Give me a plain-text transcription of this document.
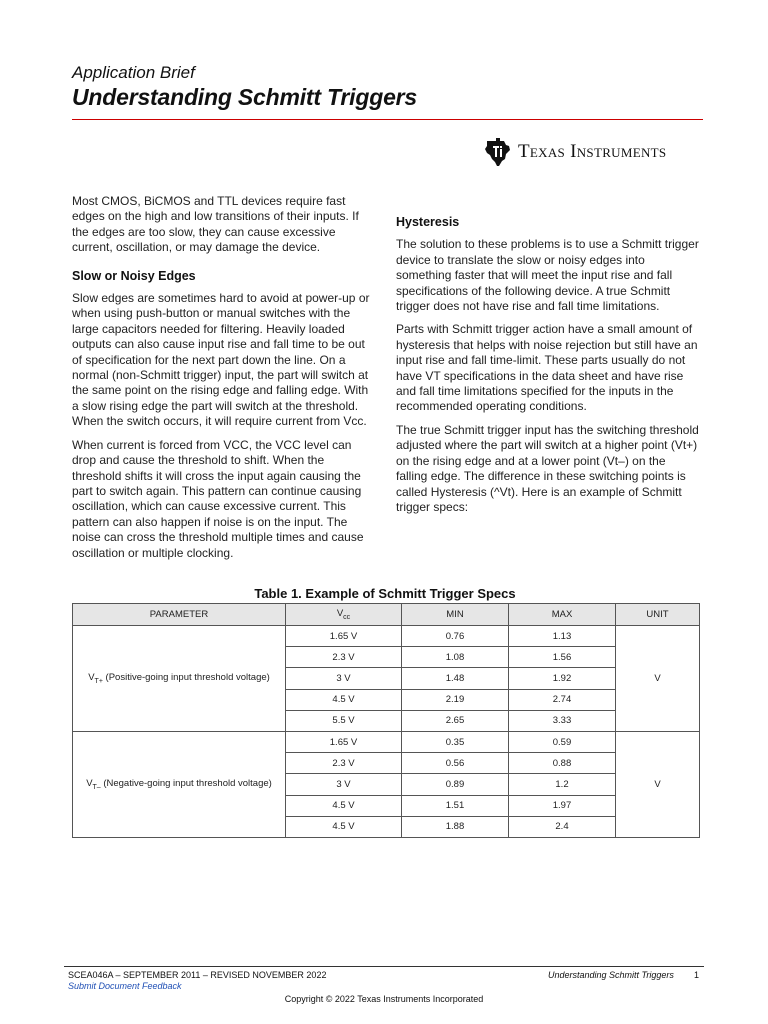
Application Brief
Understanding Schmitt Triggers
Texas Instruments

Most CMOS, BiCMOS and TTL devices require fast edges on the high and low transitions of their inputs. If the edges are too slow, they can cause excessive current, oscillation, or may damage the device.

Slow or Noisy Edges

Slow edges are sometimes hard to avoid at power-up or when using push-button or manual switches with the large capacitors needed for filtering. Heavily loaded outputs can also cause input rise and fall time to be out of specification for the next part down the line. On a normal (non-Schmitt trigger) input, the part will switch at the same point on the rising edge and falling edge. With a slow rising edge the part will switch at the threshold. When the switch occurs, it will require current from Vcc.

When current is forced from VCC, the VCC level can drop and cause the threshold to shift. When the threshold shifts it will cross the input again causing the part to switch again. This pattern can continue causing oscillation, which can cause excessive current. This pattern can also happen if noise is on the input. The noise can cross the threshold multiple times and cause oscillation or multiple clocking.

Hysteresis

The solution to these problems is to use a Schmitt trigger device to translate the slow or noisy edges into something faster that will meet the input rise and fall specifications of the following device. A true Schmitt trigger does not have rise and fall time limitations.

Parts with Schmitt trigger action have a small amount of hysteresis that helps with noise rejection but still have an input rise and fall time-limit. These parts usually do not have VT specifications in the data sheet and have rise and fall time limitations specified for the inputs in the recommended operating conditions.

The true Schmitt trigger input has the switching threshold adjusted where the part will switch at a higher point (Vt+) on the rising edge and at a lower point (Vt–) on the falling edge. The difference in these switching points is called Hysteresis (^Vt). Here is an example of Schmitt trigger specs:

Table 1. Example of Schmitt Trigger Specs
PARAMETER	$V_{cc}$	MIN	MAX	UNIT
$V_{T+}$ (Positive-going input threshold voltage)	1.65 V	0.76	1.13	V
	2.3 V	1.08	1.56	
	3 V	1.48	1.92	
	4.5 V	2.19	2.74	
	5.5 V	2.65	3.33	
$V_{T-}$ (Negative-going input threshold voltage)	1.65 V	0.35	0.59	V
	2.3 V	0.56	0.88	
	3 V	0.89	1.2	
	4.5 V	1.51	1.97	
	4.5 V	1.88	2.4	
SCEA046A – SEPTEMBER 2011 – REVISED NOVEMBER 2022
Submit Document Feedback
Understanding Schmitt Triggers 1
Copyright © 2022 Texas Instruments Incorporated
